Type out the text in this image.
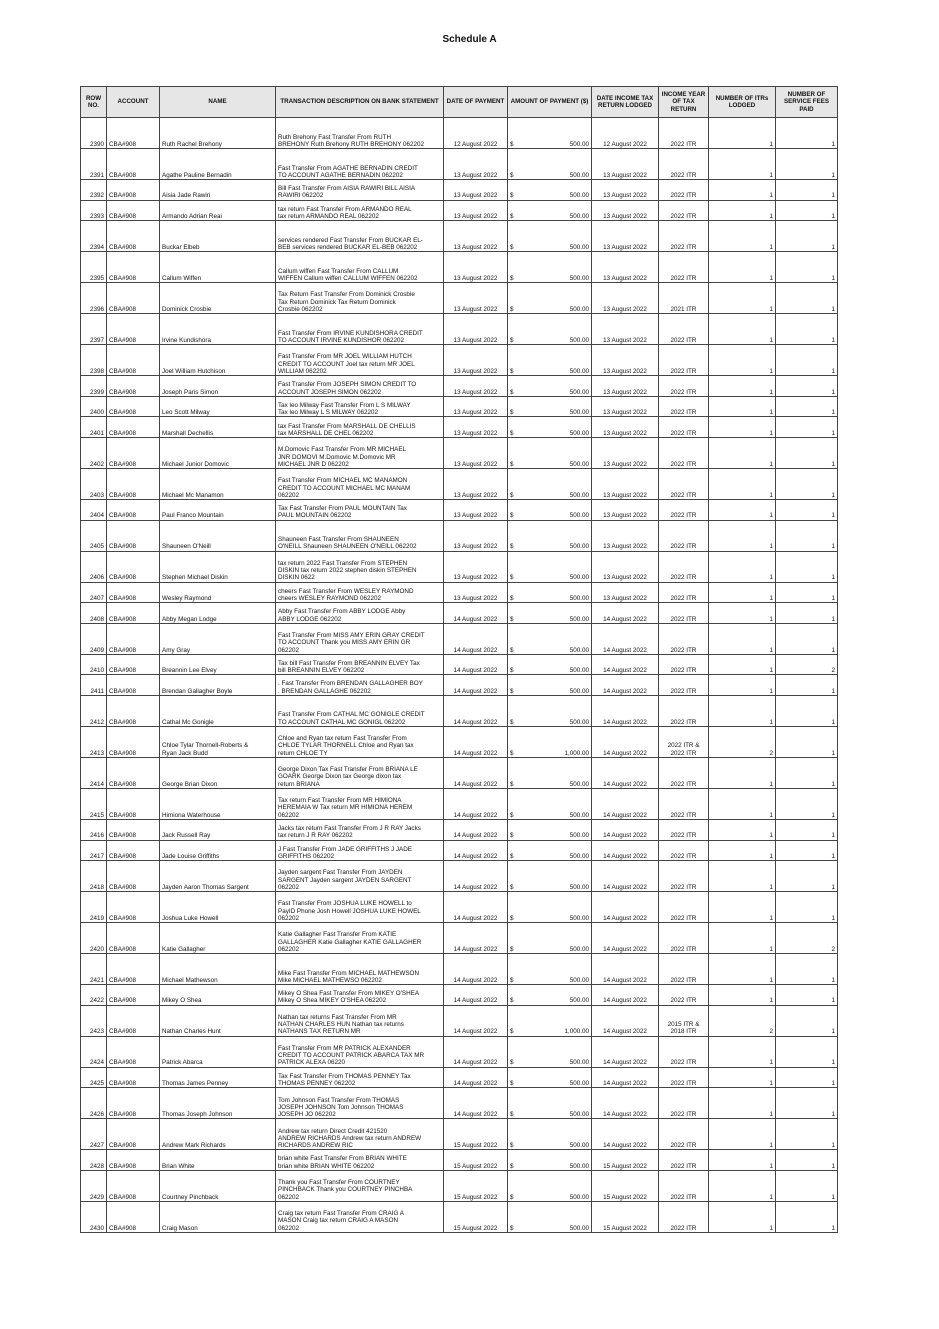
Schedule A
ROW NO.	ACCOUNT	NAME	TRANSACTION DESCRIPTION ON BANK STATEMENT	DATE OF PAYMENT	AMOUNT OF PAYMENT ($)	DATE INCOME TAX RETURN LODGED	INCOME YEAR OF TAX RETURN	NUMBER OF ITRs LODGED	NUMBER OF SERVICE FEES PAID
2390	CBA#908	Ruth Rachel Brehony	Ruth Brehony Fast Transfer From RUTH
BREHONY Ruth Brehony RUTH BREHONY 062202	12 August 2022	$ 500.00	12 August 2022	2022 ITR	1	1
2391	CBA#908	Agathe Pauline Bernadin	Fast Transfer From AGATHE BERNADIN CREDIT
TO ACCOUNT AGATHE BERNADIN 062202	13 August 2022	$ 500.00	13 August 2022	2022 ITR	1	1
2392	CBA#908	Aisia Jade Rawiri	Bill Fast Transfer From AISIA RAWIRI BILL AISIA
RAWIRI 062202	13 August 2022	$ 500.00	13 August 2022	2022 ITR	1	1
2393	CBA#908	Armando Adrian Reai	tax return Fast Transfer From ARMANDO REAL
tax return ARMANDO REAL 062202	13 August 2022	$ 500.00	13 August 2022	2022 ITR	1	1
2394	CBA#908	Buckar Elbeb	services rendered Fast Transfer From BUCKAR EL-
BEB services rendered BUCKAR EL-BEB 062202	13 August 2022	$ 500.00	13 August 2022	2022 ITR	1	1
2395	CBA#908	Callum Wiffen	Callum wiffen Fast Transfer From CALLUM
WIFFEN Callum wiffen CALLUM WIFFEN 062202	13 August 2022	$ 500.00	13 August 2022	2022 ITR	1	1
2396	CBA#908	Dominick Crosbie	Tax Return Fast Transfer From Dominick Crosbie
Tax Return Dominick Tax Return Dominick
Crosbie 062202	13 August 2022	$ 500.00	13 August 2022	2021 ITR	1	1
2397	CBA#908	Irvine Kundishora	Fast Transfer From IRVINE KUNDISHORA CREDIT
TO ACCOUNT IRVINE KUNDISHOR 062202	13 August 2022	$ 500.00	13 August 2022	2022 ITR	1	1
2398	CBA#908	Joel William Hutchison	Fast Transfer From MR JOEL WILLIAM HUTCH
CREDIT TO ACCOUNT Joel tax return MR JOEL
WILLIAM 062202	13 August 2022	$ 500.00	13 August 2022	2022 ITR	1	1
2399	CBA#908	Joseph Paris Simon	Fast Transfer From JOSEPH SIMON CREDIT TO
ACCOUNT JOSEPH SIMON 062202	13 August 2022	$ 500.00	13 August 2022	2022 ITR	1	1
2400	CBA#908	Leo Scott Milway	Tax leo Milway Fast Transfer From L S MILWAY
Tax leo Milway L S MILWAY 062202	13 August 2022	$ 500.00	13 August 2022	2022 ITR	1	1
2401	CBA#908	Marshall Dechellis	tax Fast Transfer From MARSHALL DE CHELLIS
tax MARSHALL DE CHEL 062202	13 August 2022	$ 500.00	13 August 2022	2022 ITR	1	1
2402	CBA#908	Michael Junior Domovic	M.Domovic Fast Transfer From MR MICHAEL
JNR DOMOVI M.Domovic M.Domovic MR
MICHAEL JNR D 062202	13 August 2022	$ 500.00	13 August 2022	2022 ITR	1	1
2403	CBA#908	Michael Mc Manamon	Fast Transfer From MICHAEL MC MANAMON
CREDIT TO ACCOUNT MICHAEL MC MANAM
062202	13 August 2022	$ 500.00	13 August 2022	2022 ITR	1	1
2404	CBA#908	Paul Franco Mountain	Tax Fast Transfer From PAUL MOUNTAIN Tax
PAUL MOUNTAIN 062202	13 August 2022	$ 500.00	13 August 2022	2022 ITR	1	1
2405	CBA#908	Shauneen O'Neill	Shauneen Fast Transfer From SHAUNEEN
O'NEILL Shauneen SHAUNEEN O'NEILL 062202	13 August 2022	$ 500.00	13 August 2022	2022 ITR	1	1
2406	CBA#908	Stephen Michael Diskin	tax return 2022 Fast Transfer From STEPHEN
DISKIN tax return 2022 stephen diskin STEPHEN
DISKIN 0622	13 August 2022	$ 500.00	13 August 2022	2022 ITR	1	1
2407	CBA#908	Wesley Raymond	cheers Fast Transfer From WESLEY RAYMOND
cheers WESLEY RAYMOND 062202	13 August 2022	$ 500.00	13 August 2022	2022 ITR	1	1
2408	CBA#908	Abby Megan Lodge	Abby Fast Transfer From ABBY LODGE Abby
ABBY LODGE 062202	14 August 2022	$ 500.00	14 August 2022	2022 ITR	1	1
2409	CBA#908	Amy Gray	Fast Transfer From MISS AMY ERIN GRAY CREDIT
TO ACCOUNT Thank you MISS AMY ERIN GR
062202	14 August 2022	$ 500.00	14 August 2022	2022 ITR	1	1
2410	CBA#908	Breannin Lee Elvey	Tax bill Fast Transfer From BREANNIN ELVEY Tax
bill BREANNIN ELVEY 062202	14 August 2022	$ 500.00	14 August 2022	2022 ITR	1	2
2411	CBA#908	Brendan Gallagher Boyle	. Fast Transfer From BRENDAN GALLAGHER BOY
. BRENDAN GALLAGHE 062202	14 August 2022	$ 500.00	14 August 2022	2022 ITR	1	1
2412	CBA#908	Cathal Mc Gonigle	Fast Transfer From CATHAL MC GONIGLE CREDIT
TO ACCOUNT CATHAL MC GONIGL 062202	14 August 2022	$ 500.00	14 August 2022	2022 ITR	1	1
2413	CBA#908	Chloe Tylar Thornell-Roberts &
Ryan Jack Budd	Chloe and Ryan tax return Fast Transfer From
CHLOE TYLAR THORNELL Chloe and Ryan tax
return CHLOE TY	14 August 2022	$ 1,000.00	14 August 2022	2022 ITR &
2022 ITR	2	1
2414	CBA#908	George Brian Dixon	George Dixon Tax Fast Transfer From BRIANA LE
GOARK George Dixon tax George dixon tax
return BRIANA	14 August 2022	$ 500.00	14 August 2022	2022 ITR	1	1
2415	CBA#908	Himiona Waterhouse	Tax return Fast Transfer From MR HIMIONA
HEREMAIA W Tax return MR HIMIONA HEREM
062202	14 August 2022	$ 500.00	14 August 2022	2022 ITR	1	1
2416	CBA#908	Jack Russell Ray	Jacks tax return Fast Transfer From J R RAY Jacks
tax return J R RAY 062202	14 August 2022	$ 500.00	14 August 2022	2022 ITR	1	1
2417	CBA#908	Jade Louise Griffiths	J Fast Transfer From JADE GRIFFITHS J JADE
GRIFFITHS 062202	14 August 2022	$ 500.00	14 August 2022	2022 ITR	1	1
2418	CBA#908	Jayden Aaron Thomas Sargent	Jayden sargent Fast Transfer From JAYDEN
SARGENT Jayden sargent JAYDEN SARGENT
062202	14 August 2022	$ 500.00	14 August 2022	2022 ITR	1	1
2419	CBA#908	Joshua Luke Howell	Fast Transfer From JOSHUA LUKE HOWELL to
PayID Phone Josh Howell JOSHUA LUKE HOWEL
062202	14 August 2022	$ 500.00	14 August 2022	2022 ITR	1	1
2420	CBA#908	Katie Gallagher	Katie Gallagher Fast Transfer From KATIE
GALLAGHER Katie Gallagher KATIE GALLAGHER
062202	14 August 2022	$ 500.00	14 August 2022	2022 ITR	1	2
2421	CBA#908	Michael Mathewson	Mike Fast Transfer From MICHAEL MATHEWSON
Mike MICHAEL MATHEWSO 062202	14 August 2022	$ 500.00	14 August 2022	2022 ITR	1	1
2422	CBA#908	Mikey O Shea	Mikey O Shea Fast Transfer From MIKEY O'SHEA
Mikey O Shea MIKEY O'SHEA 062202	14 August 2022	$ 500.00	14 August 2022	2022 ITR	1	1
2423	CBA#908	Nathan Charles Hunt	Nathan tax returns Fast Transfer From MR
NATHAN CHARLES HUN Nathan tax returns
NATHANS TAX RETURN MR	14 August 2022	$ 1,000.00	14 August 2022	2015 ITR &
2018 ITR	2	1
2424	CBA#908	Patrick Abarca	Fast Transfer From MR PATRICK ALEXANDER
CREDIT TO ACCOUNT PATRICK ABARCA TAX MR
PATRICK ALEXA 06220	14 August 2022	$ 500.00	14 August 2022	2022 ITR	1	1
2425	CBA#908	Thomas James Penney	Tax Fast Transfer From THOMAS PENNEY Tax
THOMAS PENNEY 062202	14 August 2022	$ 500.00	14 August 2022	2022 ITR	1	1
2426	CBA#908	Thomas Joseph Johnson	Tom Johnson Fast Transfer From THOMAS
JOSEPH JOHNSON Tom Johnson THOMAS
JOSEPH JO 062202	14 August 2022	$ 500.00	14 August 2022	2022 ITR	1	1
2427	CBA#908	Andrew Mark Richards	Andrew tax return Direct Credit 421520
ANDREW RICHARDS Andrew tax return ANDREW
RICHARDS ANDREW RIC	15 August 2022	$ 500.00	14 August 2022	2022 ITR	1	1
2428	CBA#908	Brian White	brian white Fast Transfer From BRIAN WHITE
brian white BRIAN WHITE 062202	15 August 2022	$ 500.00	15 August 2022	2022 ITR	1	1
2429	CBA#908	Courtney Pinchback	Thank you Fast Transfer From COURTNEY
PINCHBACK Thank you COURTNEY PINCHBA
062202	15 August 2022	$ 500.00	15 August 2022	2022 ITR	1	1
2430	CBA#908	Craig Mason	Craig tax return Fast Transfer From CRAIG A
MASON Craig tax return CRAIG A MASON
062202	15 August 2022	$ 500.00	15 August 2022	2022 ITR	1	1
